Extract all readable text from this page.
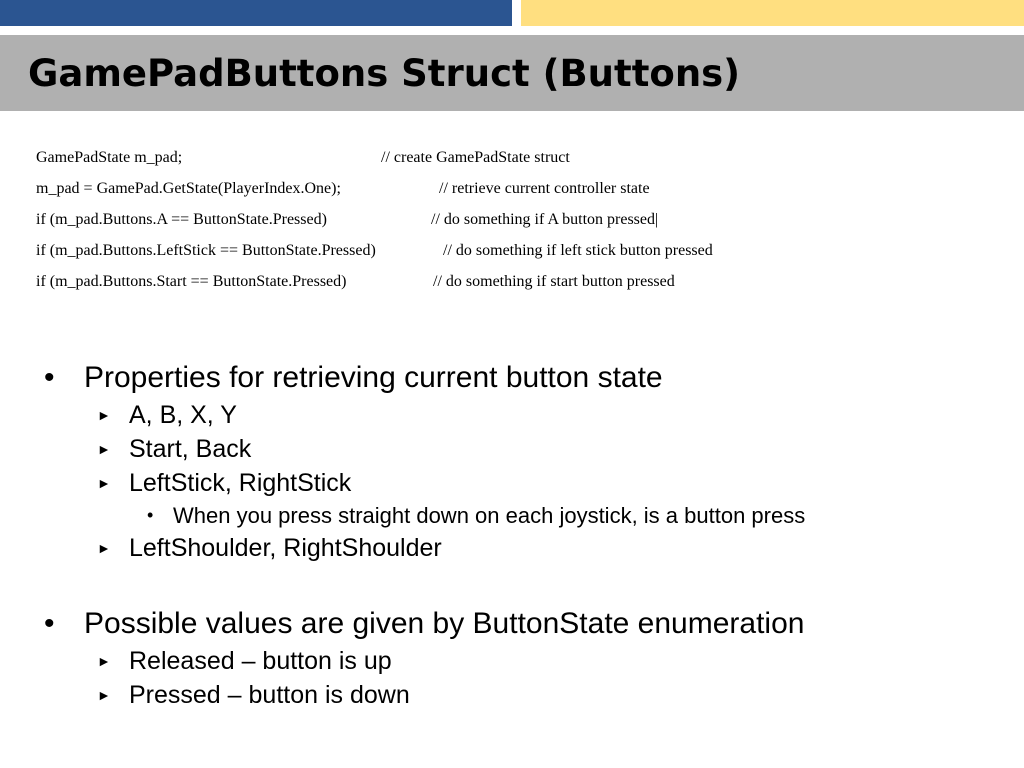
GamePadButtons Struct (Buttons)
GamePadState m_pad;	// create GamePadState struct
m_pad = GamePad.GetState(PlayerIndex.One);	// retrieve current controller state
if (m_pad.Buttons.A == ButtonState.Pressed)	// do something if A button pressed|
if (m_pad.Buttons.LeftStick == ButtonState.Pressed)	// do something if left stick button pressed
if (m_pad.Buttons.Start == ButtonState.Pressed)	// do something if start button pressed
• Properties for retrieving current button state
► A, B, X, Y
► Start, Back
► LeftStick, RightStick
• When you press straight down on each joystick, is a button press
► LeftShoulder, RightShoulder
• Possible values are given by ButtonState enumeration
► Released – button is up
► Pressed – button is down
